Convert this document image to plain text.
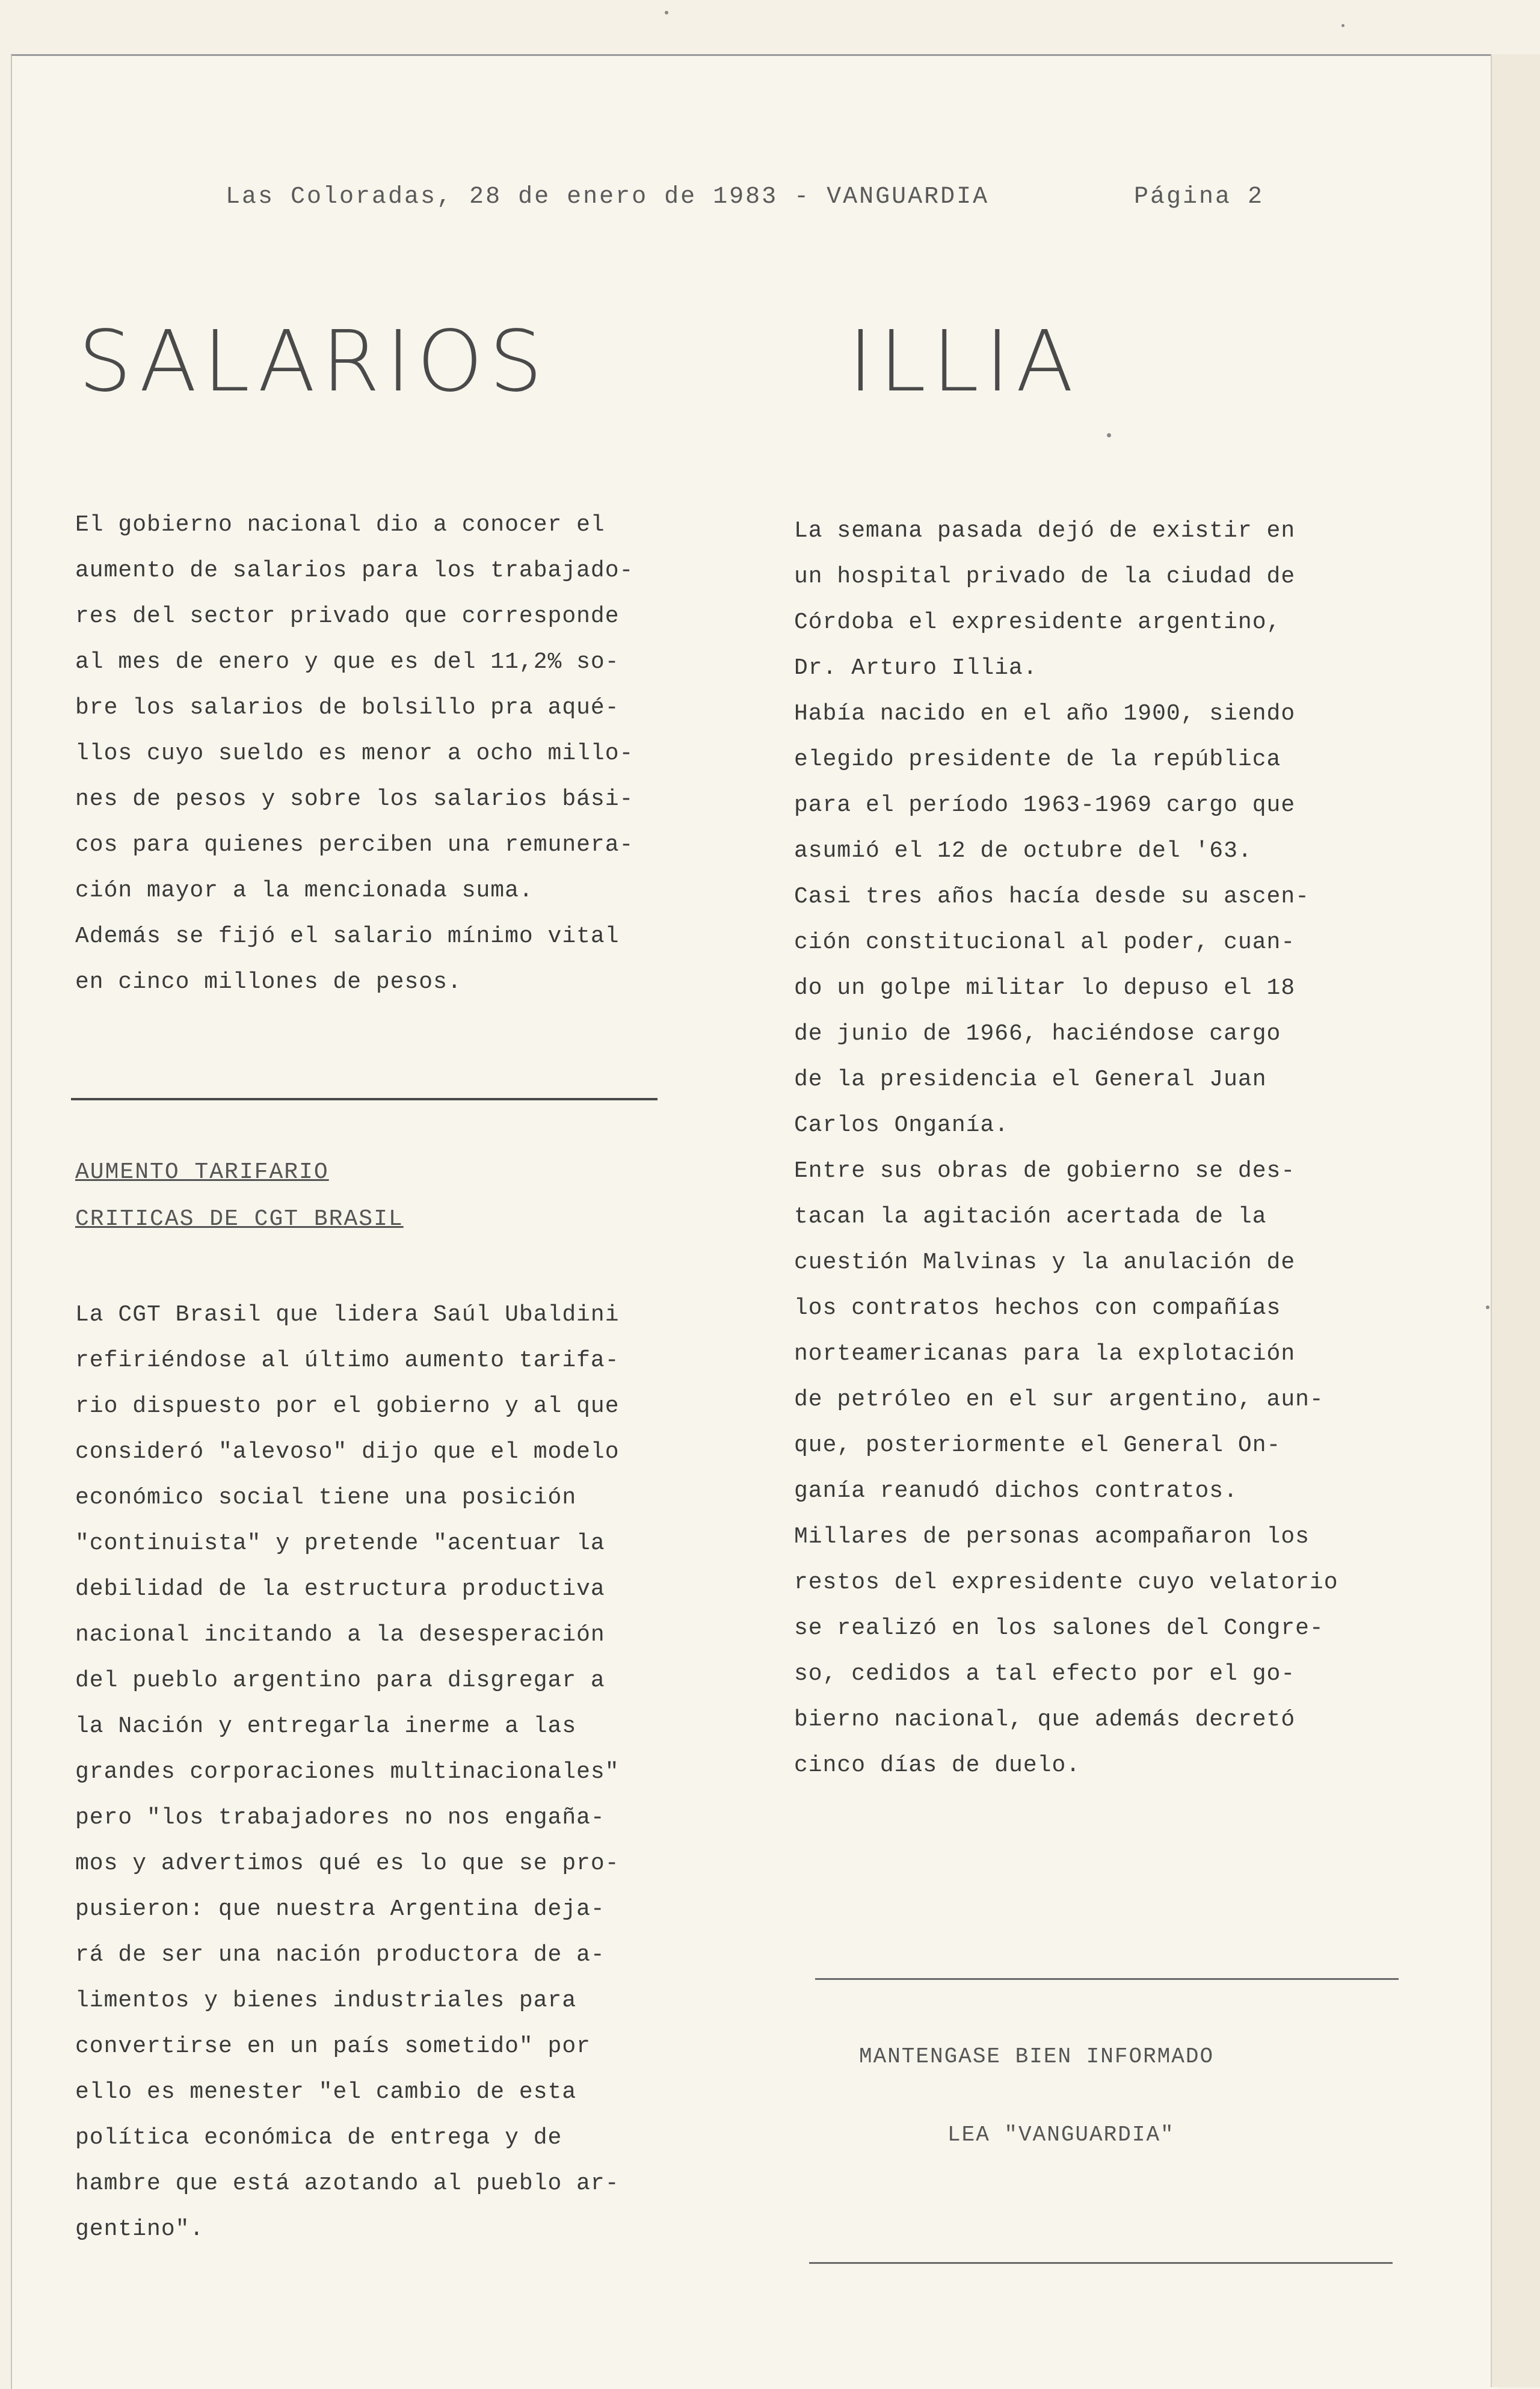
Las Coloradas, 28 de enero de 1983 - VANGUARDIA	Página 2
SALARIOS	ILLIA

El gobierno nacional dio a conocer el

aumento de salarios para los trabajado-

res del sector privado que corresponde

al mes de enero y que es del 11,2% so-

bre los salarios de bolsillo pra aqué-

llos cuyo sueldo es menor a ocho millo-

nes de pesos y sobre los salarios bási-

cos para quienes perciben una remunera-

ción mayor a la mencionada suma.

Además se fijó el salario mínimo vital

en cinco millones de pesos.

AUMENTO TARIFARIO

CRITICAS DE CGT BRASIL

La CGT Brasil que lidera Saúl Ubaldini

refiriéndose al último aumento tarifa-

rio dispuesto por el gobierno y al que

consideró "alevoso" dijo que el modelo

económico social tiene una posición

"continuista" y pretende "acentuar la

debilidad de la estructura productiva

nacional incitando a la desesperación

del pueblo argentino para disgregar a

la Nación y entregarla inerme a las

grandes corporaciones multinacionales"

pero "los trabajadores no nos engaña-

mos y advertimos qué es lo que se pro-

pusieron: que nuestra Argentina deja-

rá de ser una nación productora de a-

limentos y bienes industriales para

convertirse en un país sometido" por

ello es menester "el cambio de esta

política económica de entrega y de

hambre que está azotando al pueblo ar-

gentino".

La semana pasada dejó de existir en

un hospital privado de la ciudad de

Córdoba el expresidente argentino,

Dr. Arturo Illia.

Había nacido en el año 1900, siendo

elegido presidente de la república

para el período 1963-1969 cargo que

asumió el 12 de octubre del '63.

Casi tres años hacía desde su ascen-

ción constitucional al poder, cuan-

do un golpe militar lo depuso el 18

de junio de 1966, haciéndose cargo

de la presidencia el General Juan

Carlos Onganía.

Entre sus obras de gobierno se des-

tacan la agitación acertada de la

cuestión Malvinas y la anulación de

los contratos hechos con compañías

norteamericanas para la explotación

de petróleo en el sur argentino, aun-

que, posteriormente el General On-

ganía reanudó dichos contratos.

Millares de personas acompañaron los

restos del expresidente cuyo velatorio

se realizó en los salones del Congre-

so, cedidos a tal efecto por el go-

bierno nacional, que además decretó

cinco días de duelo.

MANTENGASE BIEN INFORMADO
LEA "VANGUARDIA"
